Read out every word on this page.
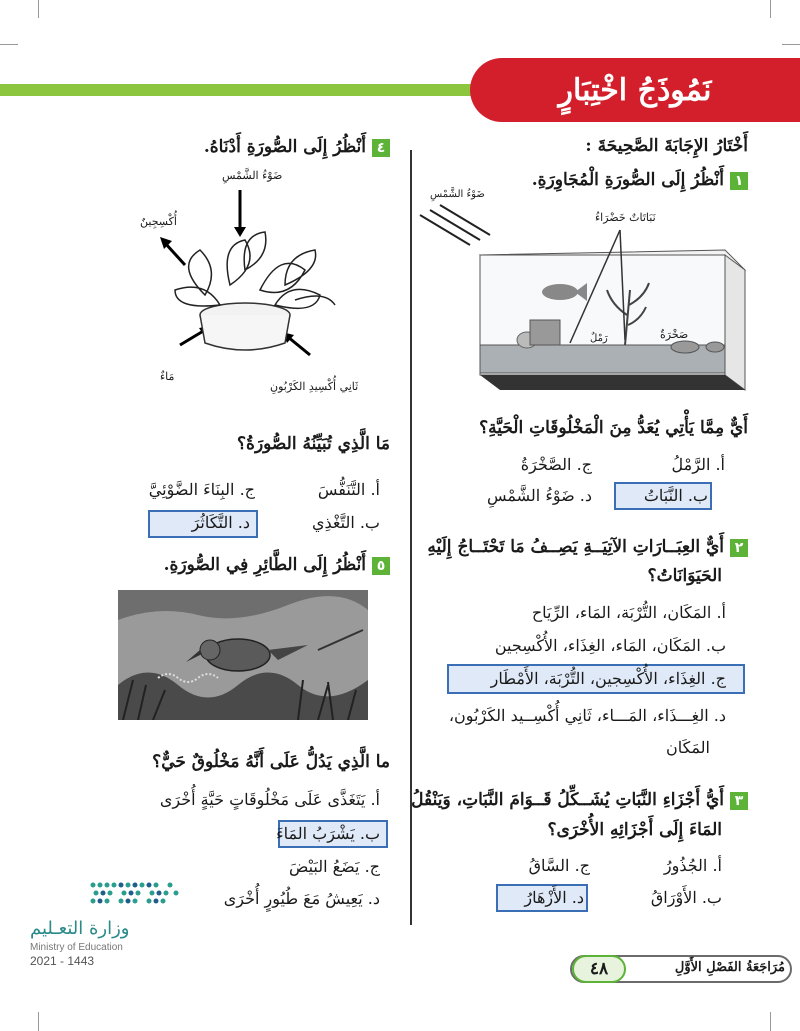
نَمُوذَجُ اخْتِبَارٍ
أَخْتَارُ الإِجَابَةَ الصَّحِيحَةَ :
١أَنْظُرُ إِلَى الصُّورَةِ الْمُجَاوِرَةِ.
ضَوْءُ الشَّمْسِ
نَبَاتَاتٌ خَضْرَاءُ
رَمْلٌ	صَخْرَةٌ
أَيٌّ مِمَّا يَأْتِي يُعَدُّ مِنَ الْمَخْلُوقَاتِ الْحَيَّةِ؟
أ. الرَّمْلُ
ج. الصَّخْرَةُ
ب. النَّبَاتُ
د. ضَوْءُ الشَّمْسِ
٢أَيٌّ العِبَــارَاتِ الآتِيَــةِ يَصِــفُ مَا تَحْتَــاجُ إِلَيْهِ
الحَيَوَانَاتُ؟
أ. المَكَان، التُّرْبَة، المَاء، الرِّيَاح
ب. المَكَان، المَاء، الغِذَاء، الأُكْسِجين
ج. الغِذَاء، الأُكْسِجين، التُّرْبَة، الأَمْطَار
د. الغِـــذَاء، المَـــاء، ثَانِي أُكْسِــيد الكَرْبُون،
المَكَان
٣أَيُّ أَجْزَاءِ النَّبَاتِ يُشَــكِّلُ قَــوَامَ النَّبَاتِ، وَيَنْقُلُ
المَاءَ إِلَى أَجْزَائِهِ الأُخْرَى؟
أ. الجُذُورُ
ج. السَّاقُ
ب. الأَوْرَاقُ
د. الأَزْهَارُ
٤أَنْظُرُ إِلَى الصُّورَةِ أَدْنَاهُ.
ضَوْءُ الشَّمْسِ
أُكْسِجِينٌ
مَاءٌ
ثَانِي أُكْسِيدِ الكَرْبُونِ
مَا الَّذِي تُبَيِّنُهُ الصُّورَةُ؟
أ. التَّنَفُّسَ
ج. البِنَاءَ الضَّوْئِيَّ
ب. التَّغْذِي
د. التَّكَاثُرَ
٥أَنْظُرُ إِلَى الطَّائِرِ فِي الصُّورَةِ.
ما الَّذِي يَدُلُّ عَلَى أَنَّهُ مَخْلُوقٌ حَيٌّ؟
أ. يَتَغَذَّى عَلَى مَخْلُوقَاتٍ حَيَّةٍ أُخْرَى
ب. يَشْرَبُ المَاءَ
ج. يَضَعُ البَيْضَ
د. يَعِيشُ مَعَ طُيُورٍ أُخْرَى
وزارة التعـليم
Ministry of Education
2021 - 1443	٤٨	مُرَاجَعَةُ الفَصْلِ الأَوَّلِ
